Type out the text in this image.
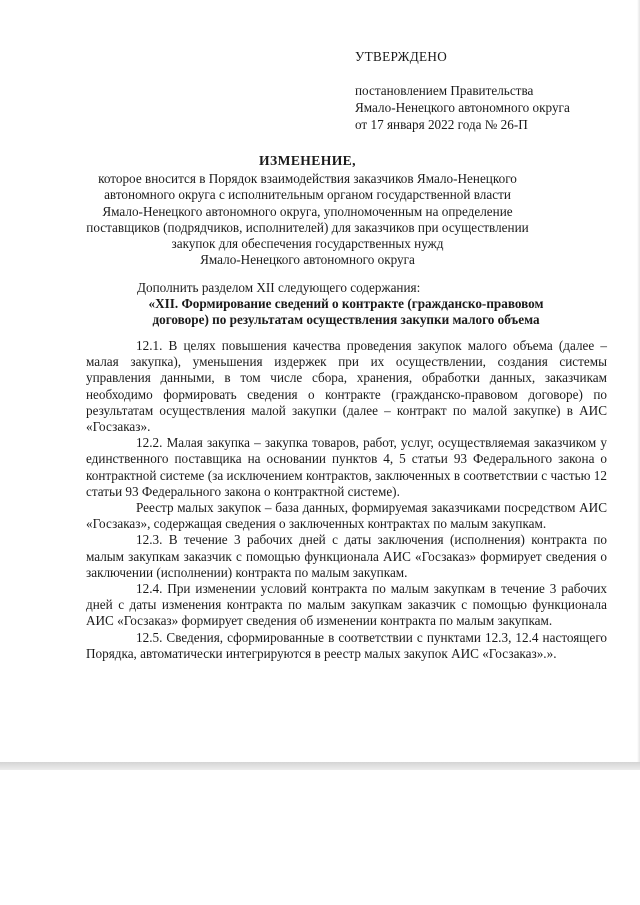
УТВЕРЖДЕНО
постановлением Правительства
Ямало-Ненецкого автономного округа
от 17 января 2022 года № 26-П
ИЗМЕНЕНИЕ,
которое вносится в Порядок взаимодействия заказчиков Ямало-Ненецкого
автономного округа с исполнительным органом государственной власти
Ямало-Ненецкого автономного округа, уполномоченным на определение
поставщиков (подрядчиков, исполнителей) для заказчиков при осуществлении
закупок для обеспечения государственных нужд
Ямало-Ненецкого автономного округа
Дополнить разделом XII следующего содержания:
«XII. Формирование сведений о контракте (гражданско-правовом
договоре) по результатам осуществления закупки малого объема

12.1. В целях повышения качества проведения закупок малого объема (далее – малая закупка), уменьшения издержек при их осуществлении, создания системы управления данными, в том числе сбора, хранения, обработки данных, заказчикам необходимо формировать сведения о контракте (гражданско-правовом договоре) по результатам осуществления малой закупки (далее – контракт по малой закупке) в АИС «Госзаказ».

12.2. Малая закупка – закупка товаров, работ, услуг, осуществляемая заказчиком у единственного поставщика на основании пунктов 4, 5 статьи 93 Федерального закона о контрактной системе (за исключением контрактов, заключенных в соответствии с частью 12 статьи 93 Федерального закона о контрактной системе).

Реестр малых закупок – база данных, формируемая заказчиками посредством АИС «Госзаказ», содержащая сведения о заключенных контрактах по малым закупкам.

12.3. В течение 3 рабочих дней с даты заключения (исполнения) контракта по малым закупкам заказчик с помощью функционала АИС «Госзаказ» формирует сведения о заключении (исполнении) контракта по малым закупкам.

12.4. При изменении условий контракта по малым закупкам в течение 3 рабочих дней с даты изменения контракта по малым закупкам заказчик с помощью функционала АИС «Госзаказ» формирует сведения об изменении контракта по малым закупкам.

12.5. Сведения, сформированные в соответствии с пунктами 12.3, 12.4 настоящего Порядка, автоматически интегрируются в реестр малых закупок АИС «Госзаказ».».
